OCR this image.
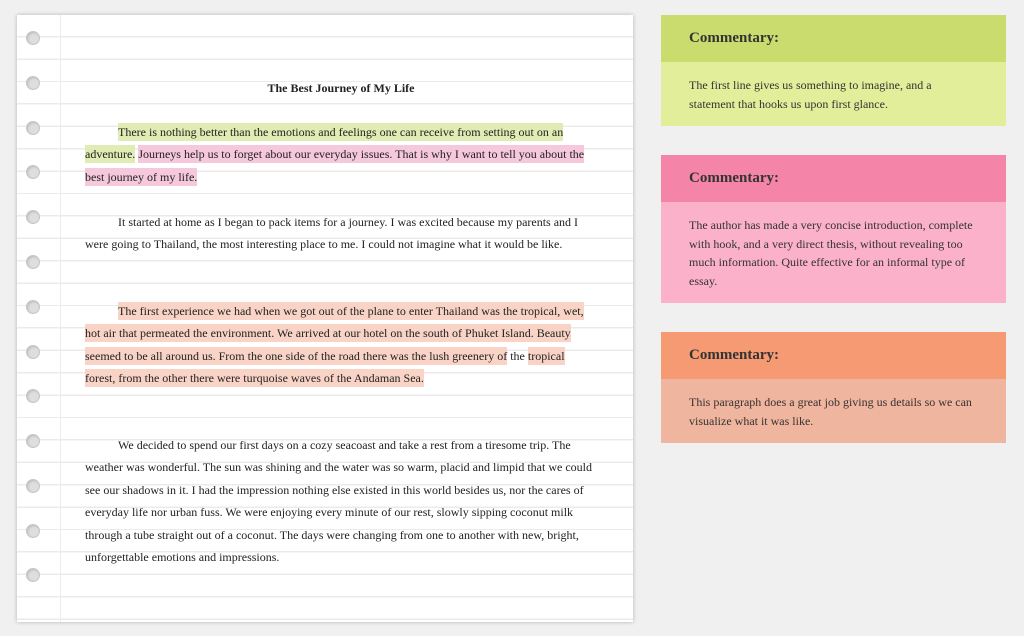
The Best Journey of My Life

There is nothing better than the emotions and feelings one can receive from setting out on an adventure. Journeys help us to forget about our everyday issues. That is why I want to tell you about the best journey of my life.

It started at home as I began to pack items for a journey. I was excited because my parents and I were going to Thailand, the most interesting place to me. I could not imagine what it would be like.

The first experience we had when we got out of the plane to enter Thailand was the tropical, wet, hot air that permeated the environment. We arrived at our hotel on the south of Phuket Island. Beauty seemed to be all around us. From the one side of the road there was the lush greenery of the tropical forest, from the other there were turquoise waves of the Andaman Sea.

We decided to spend our first days on a cozy seacoast and take a rest from a tiresome trip. The weather was wonderful. The sun was shining and the water was so warm, placid and limpid that we could see our shadows in it. I had the impression nothing else existed in this world besides us, nor the cares of everyday life nor urban fuss. We were enjoying every minute of our rest, slowly sipping coconut milk through a tube straight out of a coconut. The days were changing from one to another with new, bright, unforgettable emotions and impressions.

Commentary:
The first line gives us something to imagine, and a statement that hooks us upon first glance.
Commentary:
The author has made a very concise introduction, complete with hook, and a very direct thesis, without revealing too much information. Quite effective for an informal type of essay.
Commentary:
This paragraph does a great job giving us details so we can visualize what it was like.
